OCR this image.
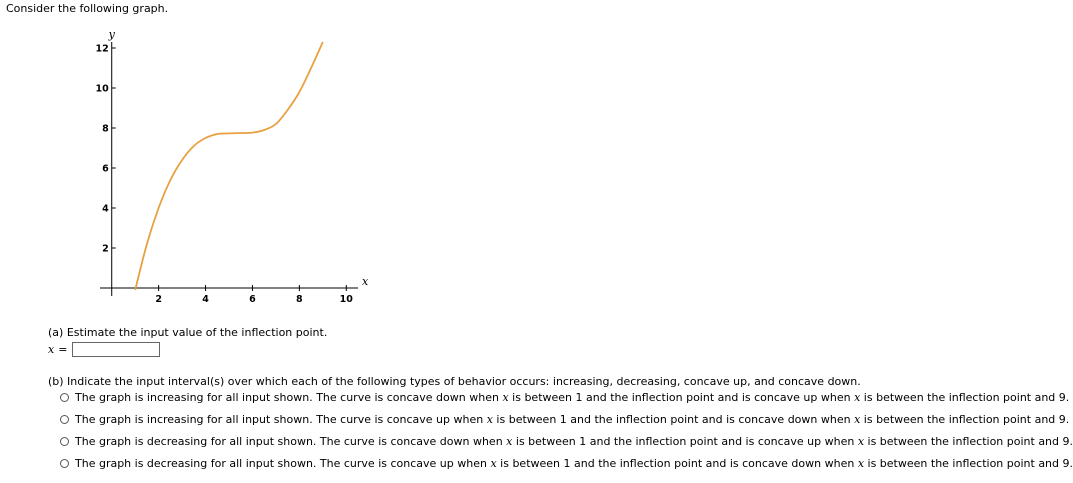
Consider the following graph.
2	4	6	8	10
2
4
6
8
10
12
x
y
(a) Estimate the input value of the inflection point.
x =
(b) Indicate the input interval(s) over which each of the following types of behavior occurs: increasing, decreasing, concave up, and concave down.
The graph is increasing for all input shown. The curve is concave down when x is between 1 and the inflection point and is concave up when x is between the inflection point and 9.
The graph is increasing for all input shown. The curve is concave up when x is between 1 and the inflection point and is concave down when x is between the inflection point and 9.
The graph is decreasing for all input shown. The curve is concave down when x is between 1 and the inflection point and is concave up when x is between the inflection point and 9.
The graph is decreasing for all input shown. The curve is concave up when x is between 1 and the inflection point and is concave down when x is between the inflection point and 9.
